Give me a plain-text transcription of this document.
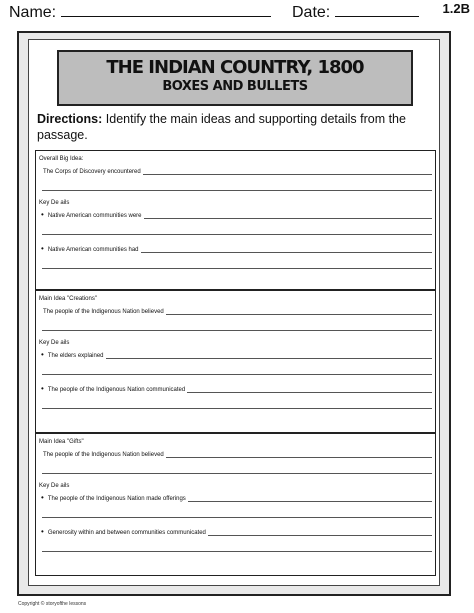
Name:	Date:	1.2B
THE INDIAN COUNTRY, 1800
BOXES AND BULLETS
Directions: Identify the main ideas and supporting details from the passage.
Overall Big Idea:
The Corps of Discovery encountered
Key De ails
• Native American communities were
• Native American communities had
Main Idea "Creations"
The people of the Indigenous Nation believed
Key De ails
• The elders explained
• The people of the Indigenous Nation communicated
Main Idea "Gifts"
The people of the Indigenous Nation believed
Key De ails
• The people of the Indigenous Nation made offerings
• Generosity within and between communities communicated
Copyright © storyofthe lessons
